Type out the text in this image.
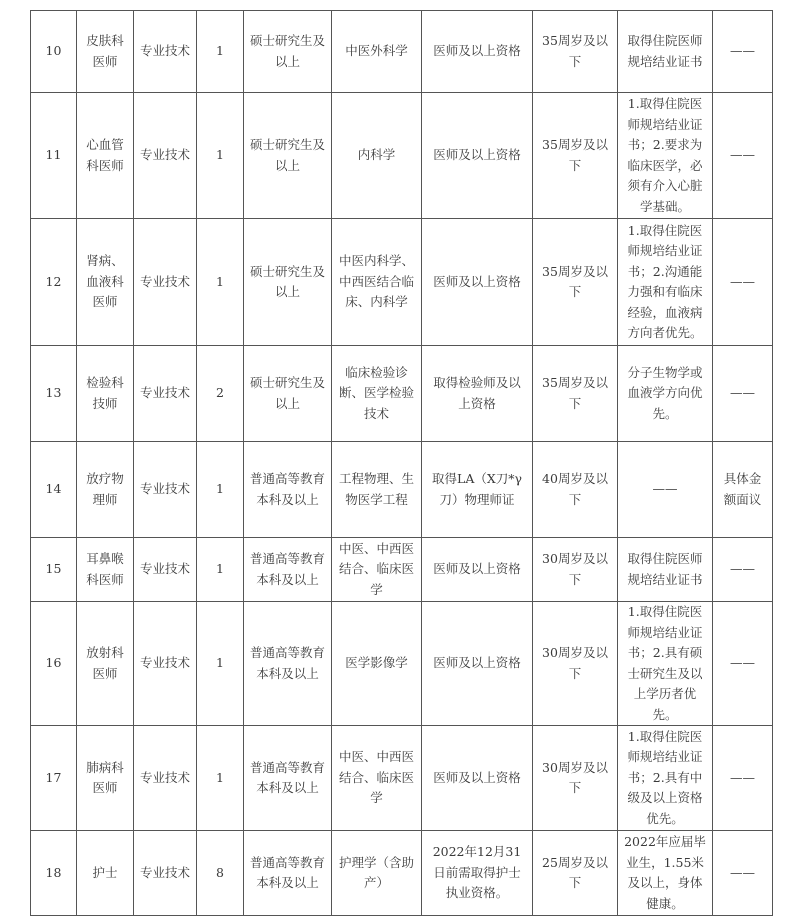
10	皮肤科医师	专业技术	1	硕士研究生及以上	中医外科学	医师及以上资格	35周岁及以下	取得住院医师规培结业证书	——
11	心血管科医师	专业技术	1	硕士研究生及以上	内科学	医师及以上资格	35周岁及以下	1.取得住院医师规培结业证书；2.要求为临床医学，必须有介入心脏学基础。	——
12	肾病、血液科医师	专业技术	1	硕士研究生及以上	中医内科学、中西医结合临床、内科学	医师及以上资格	35周岁及以下	1.取得住院医师规培结业证书；2.沟通能力强和有临床经验，血液病方向者优先。	——
13	检验科技师	专业技术	2	硕士研究生及以上	临床检验诊断、医学检验技术	取得检验师及以上资格	35周岁及以下	分子生物学或血液学方向优先。	——
14	放疗物理师	专业技术	1	普通高等教育本科及以上	工程物理、生物医学工程	取得LA（X刀*γ刀）物理师证	40周岁及以下	——	具体金额面议
15	耳鼻喉科医师	专业技术	1	普通高等教育本科及以上	中医、中西医结合、临床医学	医师及以上资格	30周岁及以下	取得住院医师规培结业证书	——
16	放射科医师	专业技术	1	普通高等教育本科及以上	医学影像学	医师及以上资格	30周岁及以下	1.取得住院医师规培结业证书；2.具有硕士研究生及以上学历者优先。	——
17	肺病科医师	专业技术	1	普通高等教育本科及以上	中医、中西医结合、临床医学	医师及以上资格	30周岁及以下	1.取得住院医师规培结业证书；2.具有中级及以上资格优先。	——
18	护士	专业技术	8	普通高等教育本科及以上	护理学（含助产）	2022年12月31日前需取得护士执业资格。	25周岁及以下	2022年应届毕业生，1.55米及以上，身体健康。	——
